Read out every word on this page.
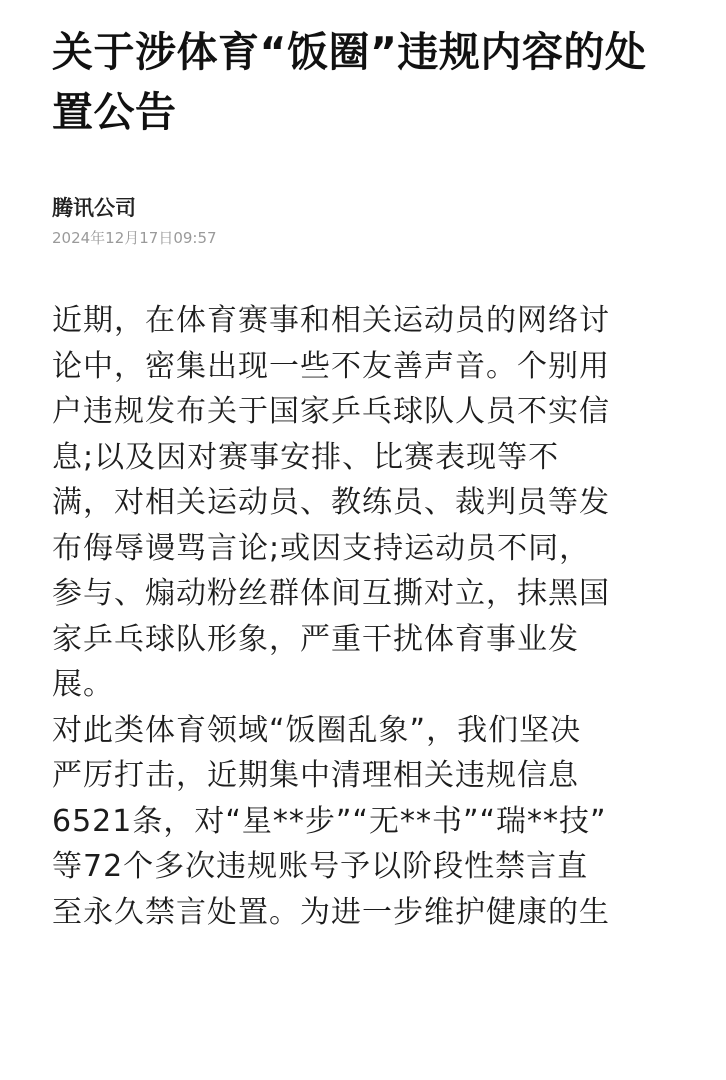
关于涉体育“饭圈”违规内容的处
置公告
腾讯公司
2024年12月17日09:57

近期，在体育赛事和相关运动员的网络讨
论中，密集出现一些不友善声音。个别用
户违规发布关于国家乒乓球队人员不实信
息;以及因对赛事安排、比赛表现等不
满，对相关运动员、教练员、裁判员等发
布侮辱谩骂言论;或因支持运动员不同，
参与、煽动粉丝群体间互撕对立，抹黑国
家乒乓球队形象，严重干扰体育事业发
展。

对此类体育领域“饭圈乱象”，我们坚决
严厉打击，近期集中清理相关违规信息
6521条，对“星**步”“无**书”“瑞**技”
等72个多次违规账号予以阶段性禁言直
至永久禁言处置。为进一步维护健康的生
